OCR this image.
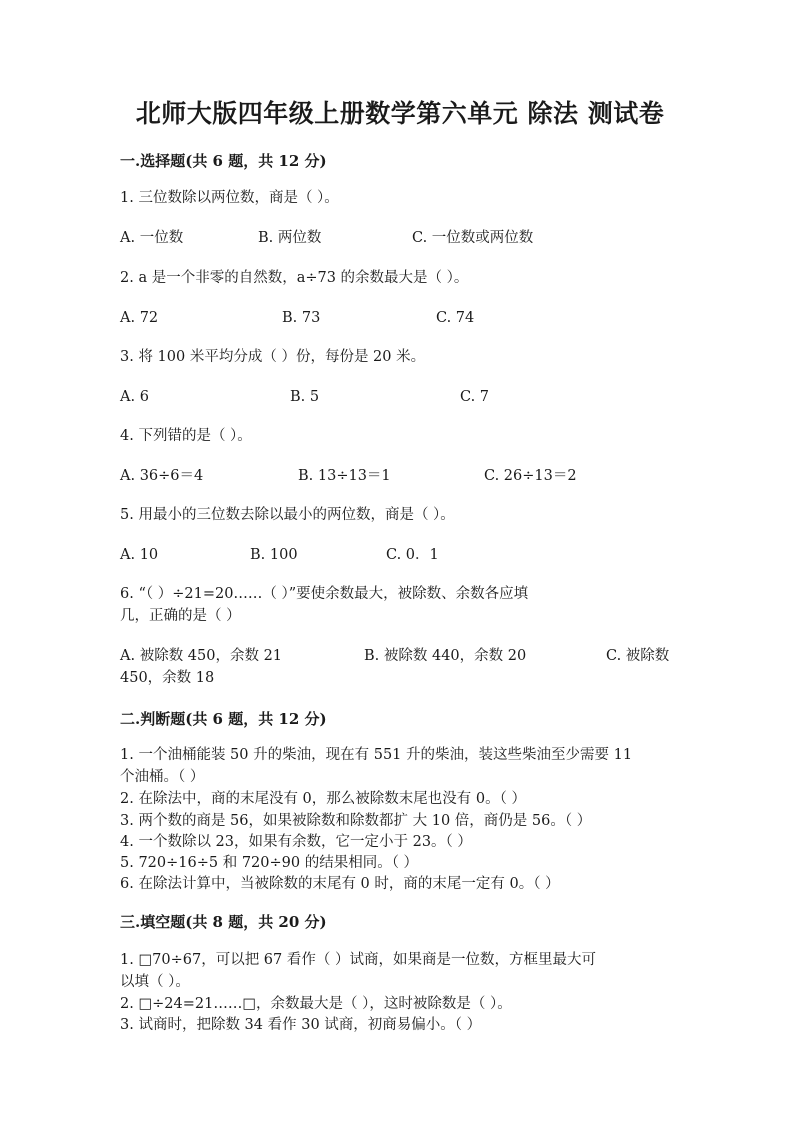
北师大版四年级上册数学第六单元 除法 测试卷
一.选择题(共 6 题，共 12 分)
1. 三位数除以两位数，商是（ ）。
A. 一位数	B. 两位数	C. 一位数或两位数
2. a 是一个非零的自然数，a÷73 的余数最大是（ ）。
A. 72	B. 73	C. 74
3. 将 100 米平均分成（ ）份，每份是 20 米。
A. 6	B. 5	C. 7
4. 下列错的是（ ）。
A. 36÷6＝4	B. 13÷13＝1	C. 26÷13＝2
5. 用最小的三位数去除以最小的两位数，商是（ ）。
A. 10	B. 100	C. 0．1
6. “（ ）÷21=20……（ ）”要使余数最大，被除数、余数各应填
几，正确的是（ ）
A. 被除数 450，余数 21	B. 被除数 440，余数 20	C. 被除数
450，余数 18
二.判断题(共 6 题，共 12 分)
1. 一个油桶能装 50 升的柴油，现在有 551 升的柴油，装这些柴油至少需要 11
个油桶。（ ）
2. 在除法中，商的末尾没有 0，那么被除数末尾也没有 0。（ ）
3. 两个数的商是 56，如果被除数和除数都扩 大 10 倍，商仍是 56。（ ）
4. 一个数除以 23，如果有余数，它一定小于 23。（ ）
5. 720÷16÷5 和 720÷90 的结果相同。（ ）
6. 在除法计算中，当被除数的末尾有 0 时，商的末尾一定有 0。（ ）
三.填空题(共 8 题，共 20 分)
1. □70÷67，可以把 67 看作（ ）试商，如果商是一位数，方框里最大可
以填（ ）。
2. □÷24=21……□，余数最大是（ ），这时被除数是（ ）。
3. 试商时，把除数 34 看作 30 试商，初商易偏小。（ ）
